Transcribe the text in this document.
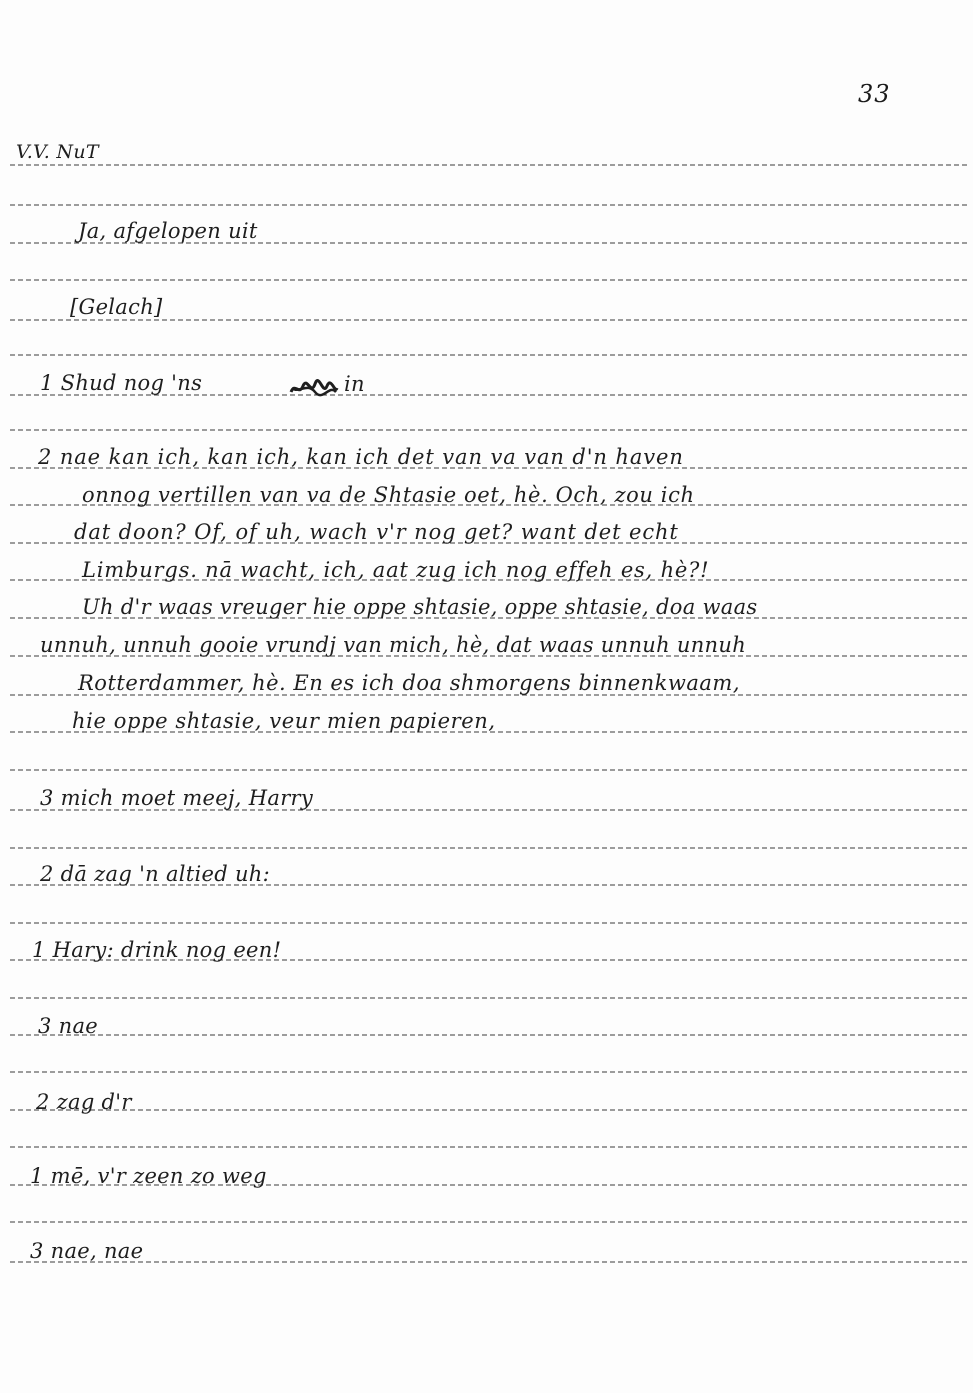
33
V.V. NuT
Ja, afgelopen uit
[Gelach]
1 Shud nog 'ns	in
2 nae kan ich, kan ich, kan ich det van va van d'n haven
onnog vertillen van va de Shtasie oet, hè. Och, zou ich
dat doon? Of, of uh, wach v'r nog get? want det echt
Limburgs. nā wacht, ich, aat zug ich nog effeh es, hè?!
Uh d'r waas vreuger hie oppe shtasie, oppe shtasie, doa waas
unnuh, unnuh gooie vrundj van mich, hè, dat waas unnuh unnuh
Rotterdammer, hè. En es ich doa shmorgens binnenkwaam,
hie oppe shtasie, veur mien papieren,
3 mich moet meej, Harry
2 dā zag 'n altied uh:
1 Hary: drink nog een!
3 nae
2 zag d'r
1 mē, v'r zeen zo weg
3 nae, nae
